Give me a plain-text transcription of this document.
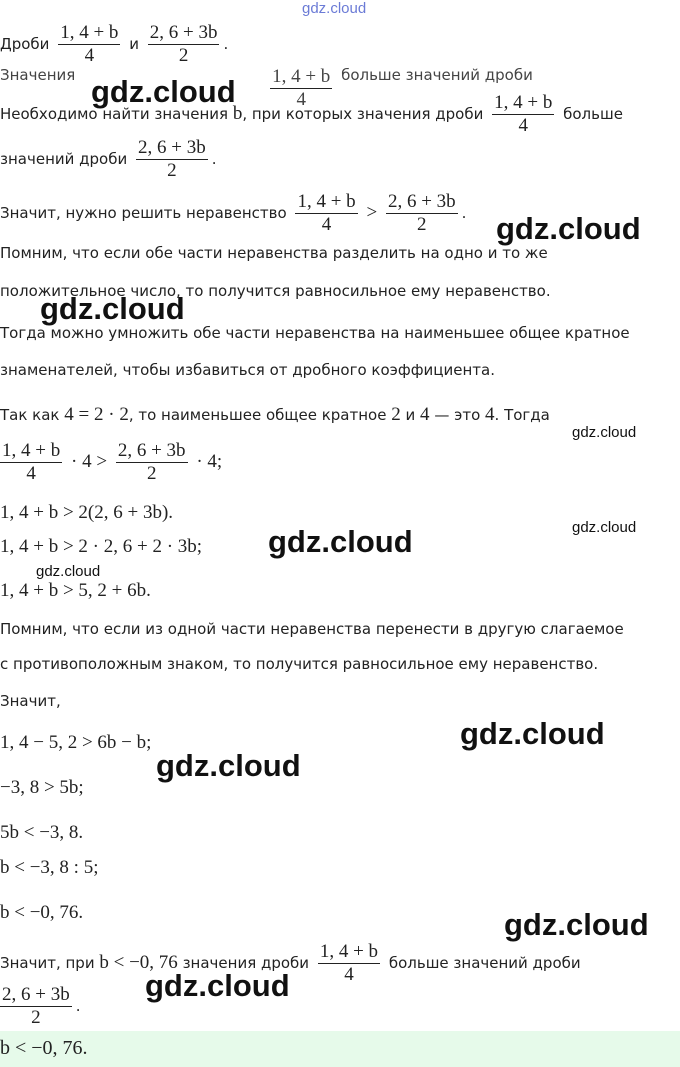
gdz.cloud
Дроби $\frac{1, 4 + b}{4}$ и $\frac{2, 6 + 3b}{2}$ .
Значения	$\frac{1, 4 + b}{4}$ больше значений дроби
Необходимо найти значения b, при которых значения дроби $\frac{1, 4 + b}{4}$ больше
значений дроби $\frac{2, 6 + 3b}{2}$ .
Значит, нужно решить неравенство $\frac{1, 4 + b}{4} > \frac{2, 6 + 3b}{2}$ .
Помним, что если обе части неравенства разделить на одно и то же
положительное число, то получится равносильное ему неравенство.
Тогда можно умножить обе части неравенства на наименьшее общее кратное
знаменателей, чтобы избавиться от дробного коэффициента.
Так как 4 = 2 · 2, то наименьшее общее кратное 2 и 4 — это 4. Тогда
$\frac{1, 4 + b}{4} \cdot 4 > \frac{2, 6 + 3b}{2} \cdot 4$;
1, 4 + b > 2(2, 6 + 3b).
1, 4 + b > 2 · 2, 6 + 2 · 3b;
1, 4 + b > 5, 2 + 6b.
Помним, что если из одной части неравенства перенести в другую слагаемое
с противоположным знаком, то получится равносильное ему неравенство.
Значит,
1, 4 − 5, 2 > 6b − b;
−3, 8 > 5b;
5b < −3, 8.
b < −3, 8 : 5;
b < −0, 76.
Значит, при b < −0, 76 значения дроби $\frac{1, 4 + b}{4}$ больше значений дроби
$\frac{2, 6 + 3b}{2}$ .
b < −0, 76.
gdz.cloud
gdz.cloud
gdz.cloud
gdz.cloud
gdz.cloud
gdz.cloud
gdz.cloud
gdz.cloud
gdz.cloud
gdz.cloud
gdz.cloud
